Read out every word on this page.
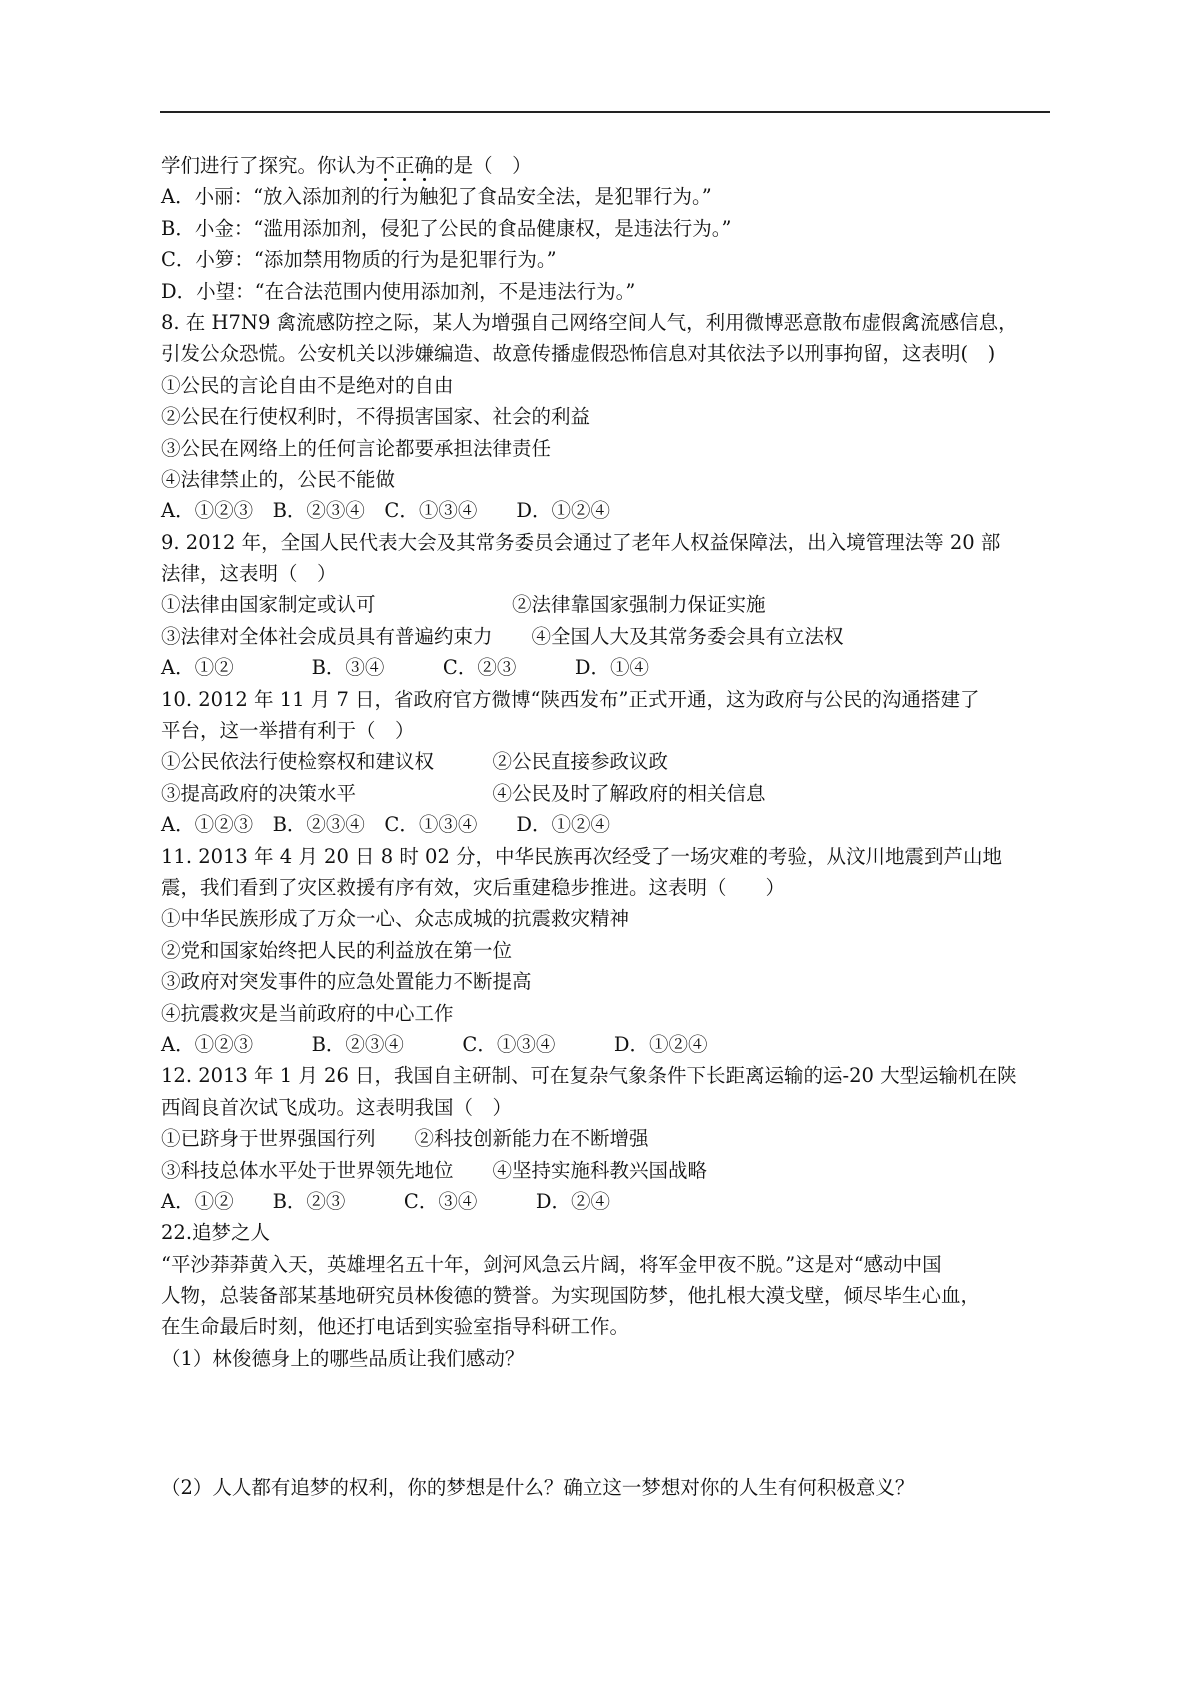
学们进行了探究。你认为不正确的是（　）
A．小丽：“放入添加剂的行为触犯了食品安全法，是犯罪行为。”
B．小金：“滥用添加剂，侵犯了公民的食品健康权，是违法行为。”
C．小箩：“添加禁用物质的行为是犯罪行为。”
D．小望：“在合法范围内使用添加剂，不是违法行为。”
8. 在 H7N9 禽流感防控之际，某人为增强自己网络空间人气，利用微博恶意散布虚假禽流感信息，
引发公众恐慌。公安机关以涉嫌编造、故意传播虚假恐怖信息对其依法予以刑事拘留，这表明(　)
①公民的言论自由不是绝对的自由
②公民在行使权利时，不得损害国家、社会的利益
③公民在网络上的任何言论都要承担法律责任
④法律禁止的，公民不能做
A．①②③　B．②③④　C．①③④　　D．①②④
9. 2012 年，全国人民代表大会及其常务委员会通过了老年人权益保障法，出入境管理法等 20 部
法律，这表明（　）
①法律由国家制定或认可　　　　　　　②法律靠国家强制力保证实施
③法律对全体社会成员具有普遍约束力　　④全国人大及其常务委会具有立法权
A．①②　　　　B．③④　　　C．②③　　　D．①④
10. 2012 年 11 月 7 日，省政府官方微博“陕西发布”正式开通，这为政府与公民的沟通搭建了
平台，这一举措有利于（　）
①公民依法行使检察权和建议权　　　②公民直接参政议政
③提高政府的决策水平　　　　　　　④公民及时了解政府的相关信息
A．①②③　B．②③④　C．①③④　　D．①②④
11. 2013 年 4 月 20 日 8 时 02 分，中华民族再次经受了一场灾难的考验，从汶川地震到芦山地
震，我们看到了灾区救援有序有效，灾后重建稳步推进。这表明（　　）
①中华民族形成了万众一心、众志成城的抗震救灾精神
②党和国家始终把人民的利益放在第一位
③政府对突发事件的应急处置能力不断提高
④抗震救灾是当前政府的中心工作
A．①②③　　　B．②③④　　　C．①③④　　　D．①②④
12. 2013 年 1 月 26 日，我国自主研制、可在复杂气象条件下长距离运输的运-20 大型运输机在陕
西阎良首次试飞成功。这表明我国（　）
①已跻身于世界强国行列　　②科技创新能力在不断增强
③科技总体水平处于世界领先地位　　④坚持实施科教兴国战略
A．①②　　B．②③　　　C．③④　　　D．②④
22.追梦之人
“平沙莽莽黄入天，英雄埋名五十年，剑河风急云片阔，将军金甲夜不脱。”这是对“感动中国
人物，总装备部某基地研究员林俊德的赞誉。为实现国防梦，他扎根大漠戈壁，倾尽毕生心血，
在生命最后时刻，他还打电话到实验室指导科研工作。
（1）林俊德身上的哪些品质让我们感动？
（2）人人都有追梦的权利，你的梦想是什么？确立这一梦想对你的人生有何积极意义？
